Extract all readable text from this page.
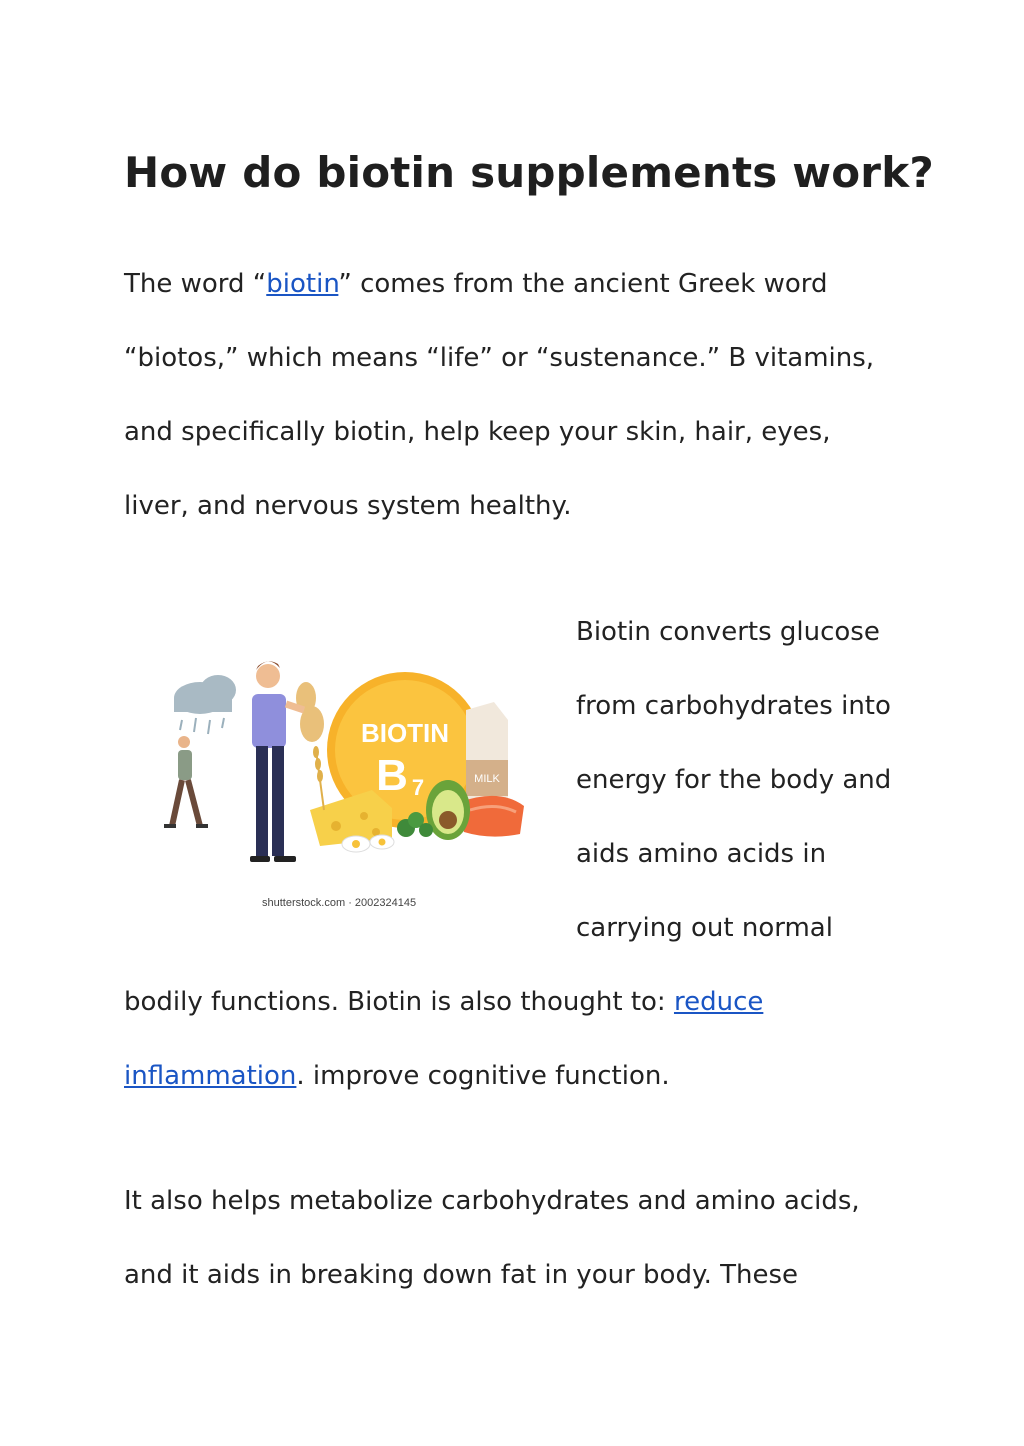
How do biotin supplements work?

The word “biotin” comes from the ancient Greek word

“biotos,” which means “life” or “sustenance.” B vitamins,

and specifically biotin, help keep your skin, hair, eyes,

liver, and nervous system healthy.

Biotin converts glucose

from carbohydrates into

energy for the body and

aids amino acids in

carrying out normal

bodily functions. Biotin is also thought to: reduce

inflammation. improve cognitive function.

It also helps metabolize carbohydrates and amino acids,

and it aids in breaking down fat in your body. These

BIOTIN
B 7	MILK
shutterstock.com · 2002324145
